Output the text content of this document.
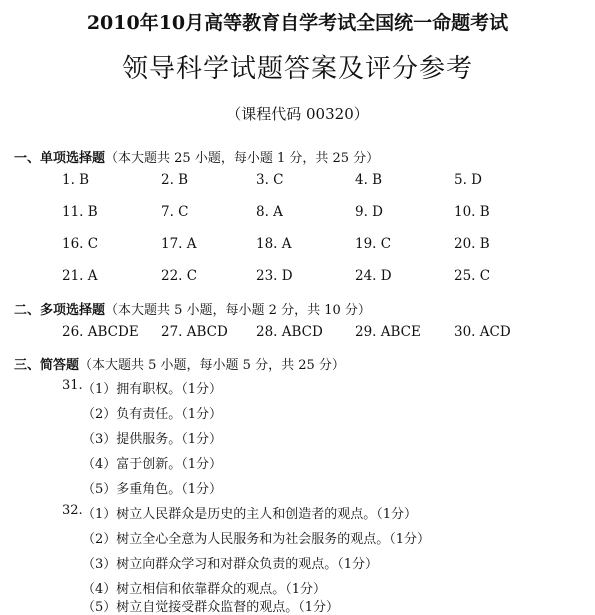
2010年10月高等教育自学考试全国统一命题考试
领导科学试题答案及评分参考
（课程代码 00320）
一、单项选择题（本大题共 25 小题，每小题 1 分，共 25 分）
1. B	2. B	3. C	4. B	5. D
11. B	7. C	8. A	9. D	10. B
16. C	17. A	18. A	19. C	20. B
21. A	22. C	23. D	24. D	25. C
二、多项选择题（本大题共 5 小题，每小题 2 分，共 10 分）
26. ABCDE 27. ABCD 28. ABCD 29. ABCE 30. ACD
三、简答题（本大题共 5 小题，每小题 5 分，共 25 分）
31. （1）拥有职权。（1分）
（2）负有责任。（1分）
（3）提供服务。（1分）
（4）富于创新。（1分）
（5）多重角色。（1分）
32. （1）树立人民群众是历史的主人和创造者的观点。（1分）
（2）树立全心全意为人民服务和为社会服务的观点。（1分）
（3）树立向群众学习和对群众负责的观点。（1分）
（4）树立相信和依靠群众的观点。（1分）
（5）树立自觉接受群众监督的观点。（1分）
